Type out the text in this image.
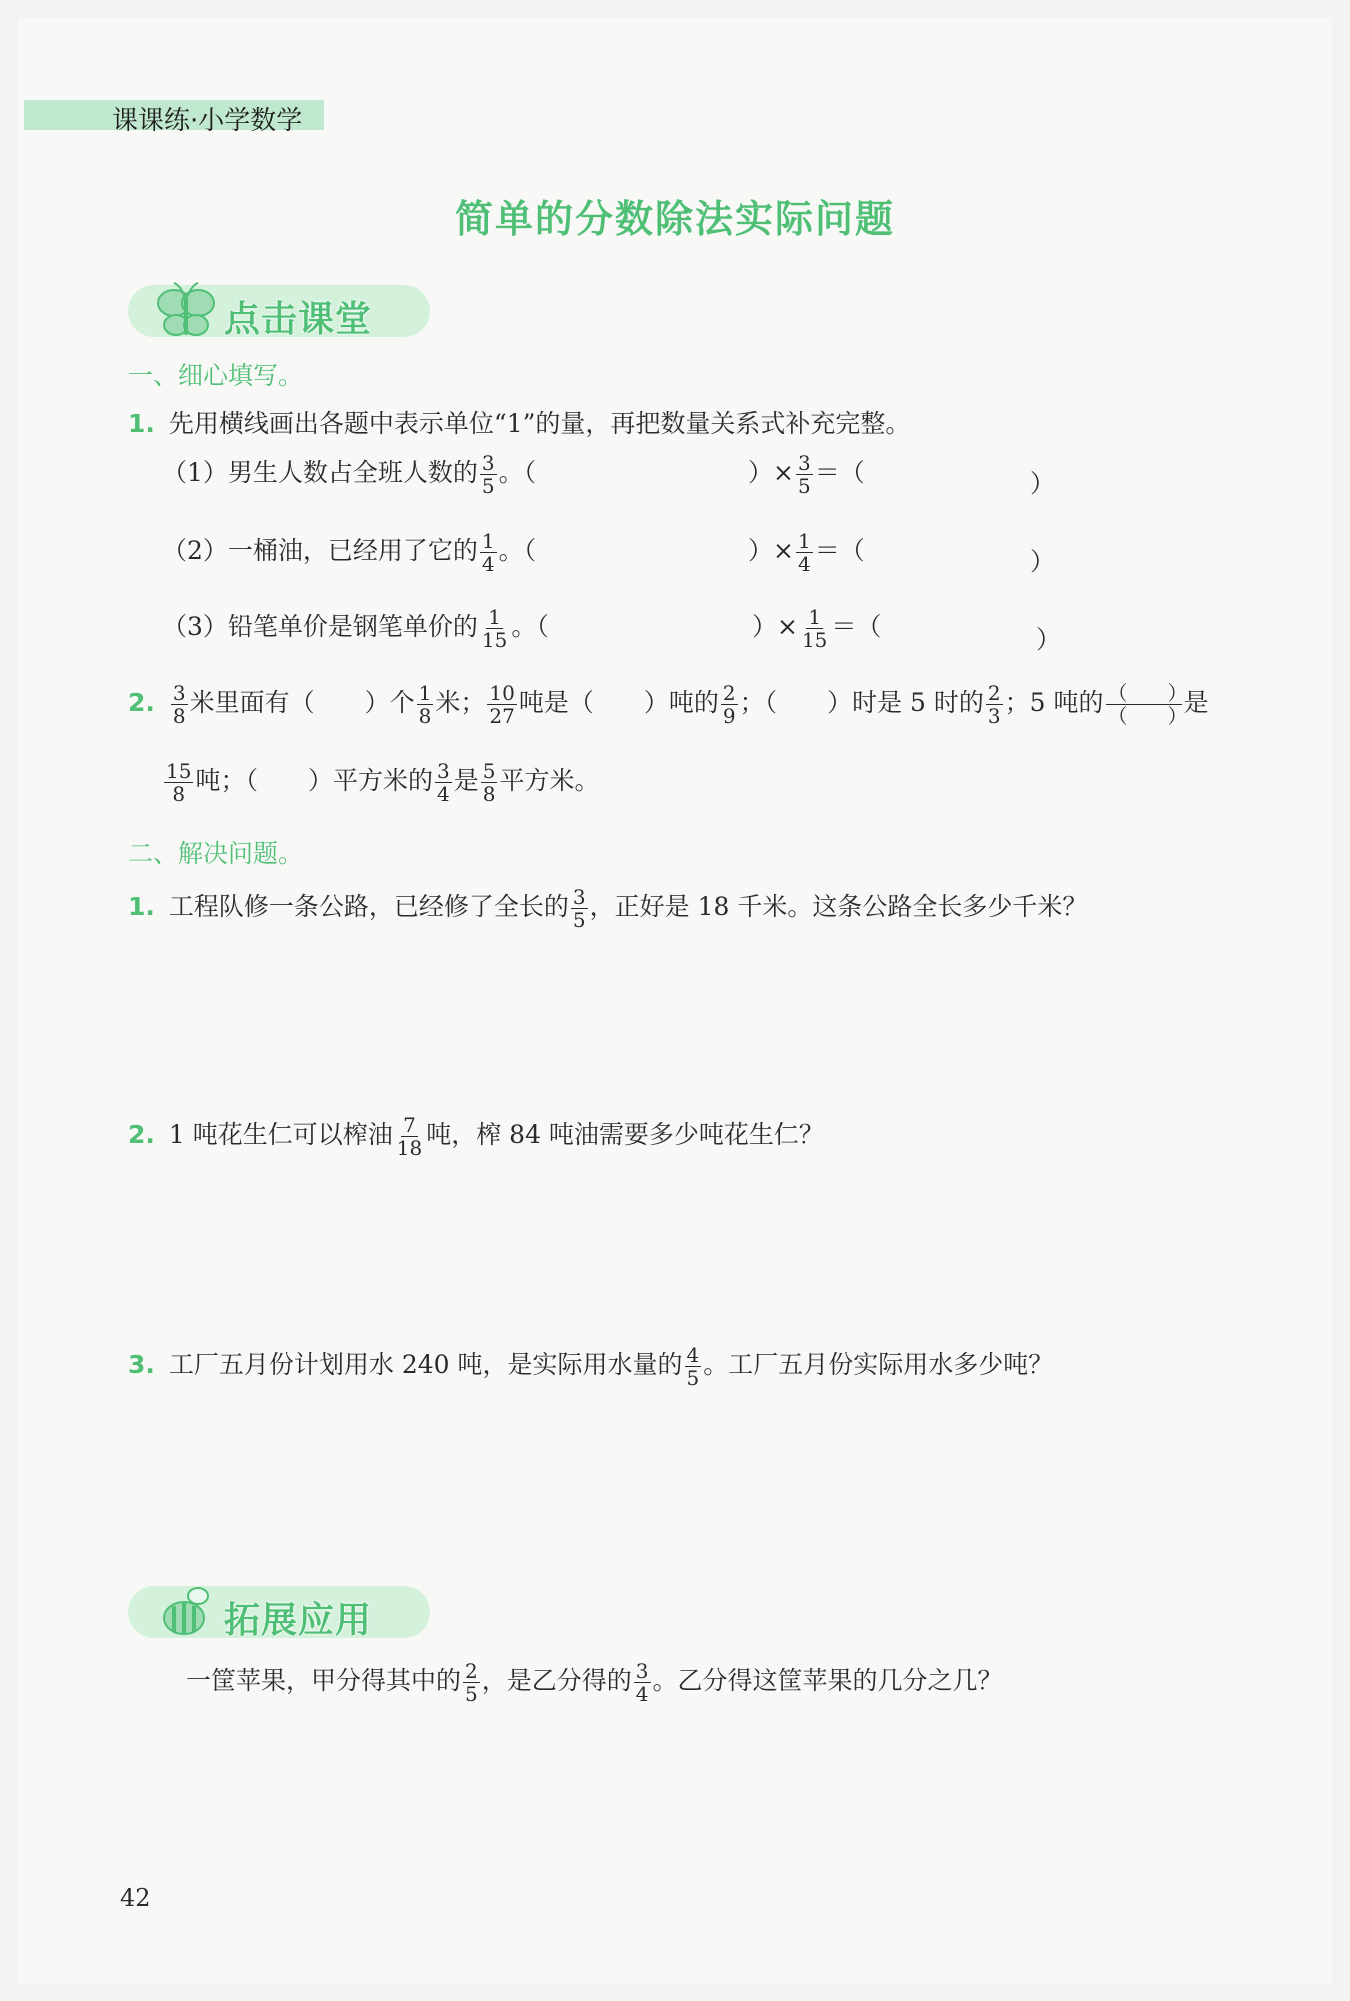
课课练·小学数学
简单的分数除法实际问题
点击课堂
一、细心填写。
1. 先用横线画出各题中表示单位“1”的量，再把数量关系式补充完整。
（1）男生人数占全班人数的 $\frac{3}{5}$ 。（	）× $\frac{3}{5}$ ＝（	）
（2）一桶油，已经用了它的 $\frac{1}{4}$ 。（	）× $\frac{1}{4}$ ＝（	）
（3）铅笔单价是钢笔单价的 $\frac{1}{15}$ 。（	）× $\frac{1}{15}$ ＝（	）
2. $\frac{3}{8}$ 米里面有（　　）个 $\frac{1}{8}$ 米； $\frac{10}{27}$ 吨是（　　）吨的 $\frac{2}{9}$ ；（　　）时是 5 时的 $\frac{2}{3}$ ；5 吨的 $\frac{( )}{( )}$ 是
$\frac{15}{8}$ 吨；（　　）平方米的 $\frac{3}{4}$ 是 $\frac{5}{8}$ 平方米。
二、解决问题。
1. 工程队修一条公路，已经修了全长的 $\frac{3}{5}$ ，正好是 18 千米。这条公路全长多少千米？
2. 1 吨花生仁可以榨油 $\frac{7}{18}$ 吨，榨 84 吨油需要多少吨花生仁？
3. 工厂五月份计划用水 240 吨，是实际用水量的 $\frac{4}{5}$ 。工厂五月份实际用水多少吨？
拓展应用
一筐苹果，甲分得其中的 $\frac{2}{5}$ ，是乙分得的 $\frac{3}{4}$ 。乙分得这筐苹果的几分之几？
42
